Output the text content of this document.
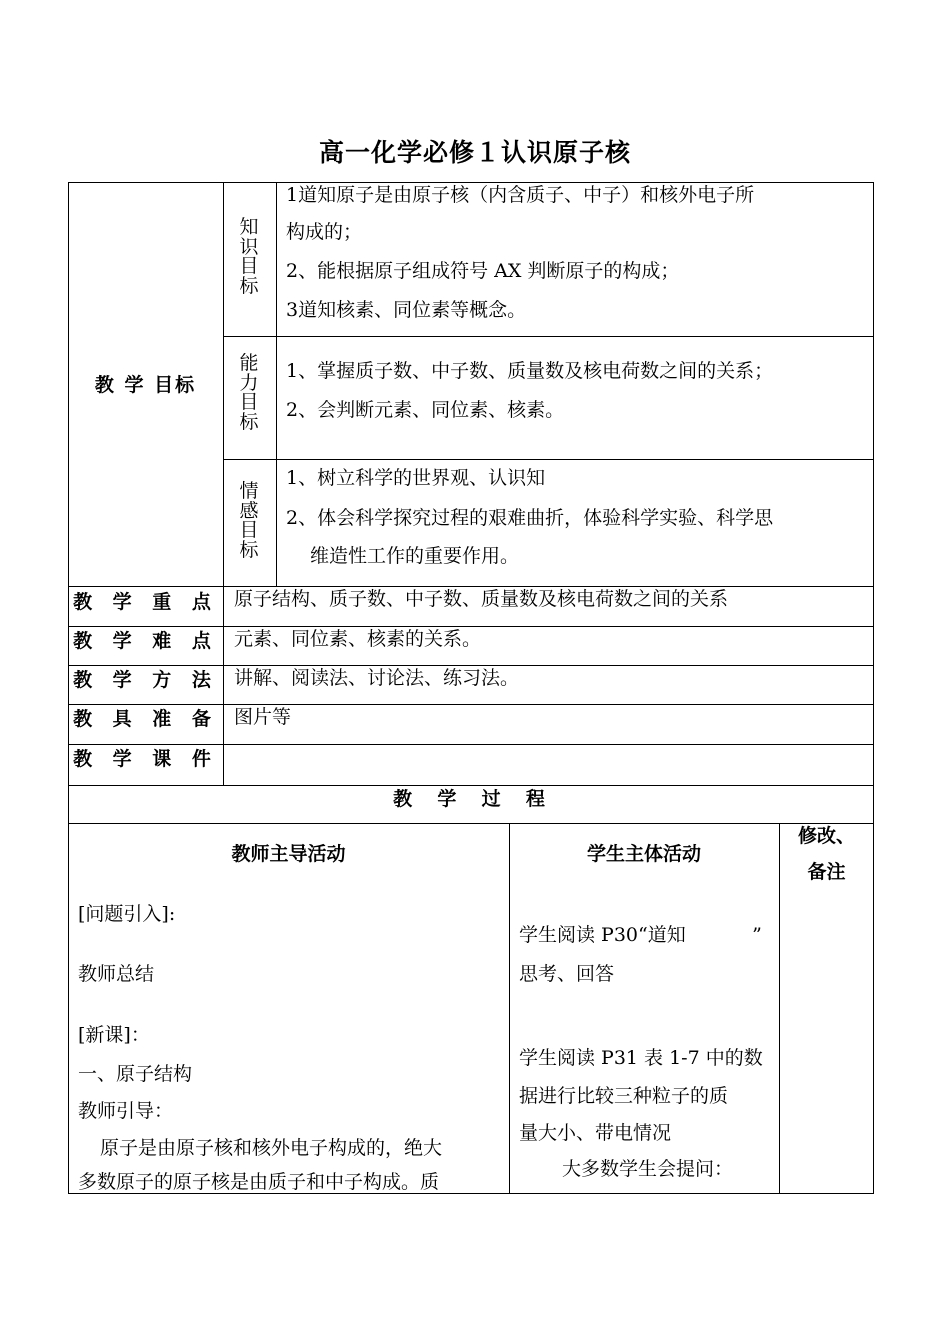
高一化学必修１认识原子核
教 学 目标
知识目标
1道知原子是由原子核（内含质子、中子）和核外电子所
构成的；
2、能根据原子组成符号 AX 判断原子的构成；
3道知核素、同位素等概念。
能力目标
1、掌握质子数、中子数、质量数及核电荷数之间的关系；
2、会判断元素、同位素、核素。
情感目标
1、树立科学的世界观、认识知
2、体会科学探究过程的艰难曲折，体验科学实验、科学思
维造性工作的重要作用。
教 学 重 点 原子结构、质子数、中子数、质量数及核电荷数之间的关系
教 学 难 点 元素、同位素、核素的关系。
教 学 方 法 讲解、阅读法、讨论法、练习法。
教 具 准 备 图片等
教 学 课 件
教  学  过  程
教师主导活动	学生主体活动
修改、
备注
[问题引入]:
教师总结
[新课]：
一、原子结构
教师引导：
原子是由原子核和核外电子构成的，绝大
多数原子的原子核是由质子和中子构成。质
学生阅读 P30“道知           ”
思考、回答
学生阅读 P31 表 1-7 中的数
据进行比较三种粒子的质
量大小、带电情况
大多数学生会提问：
